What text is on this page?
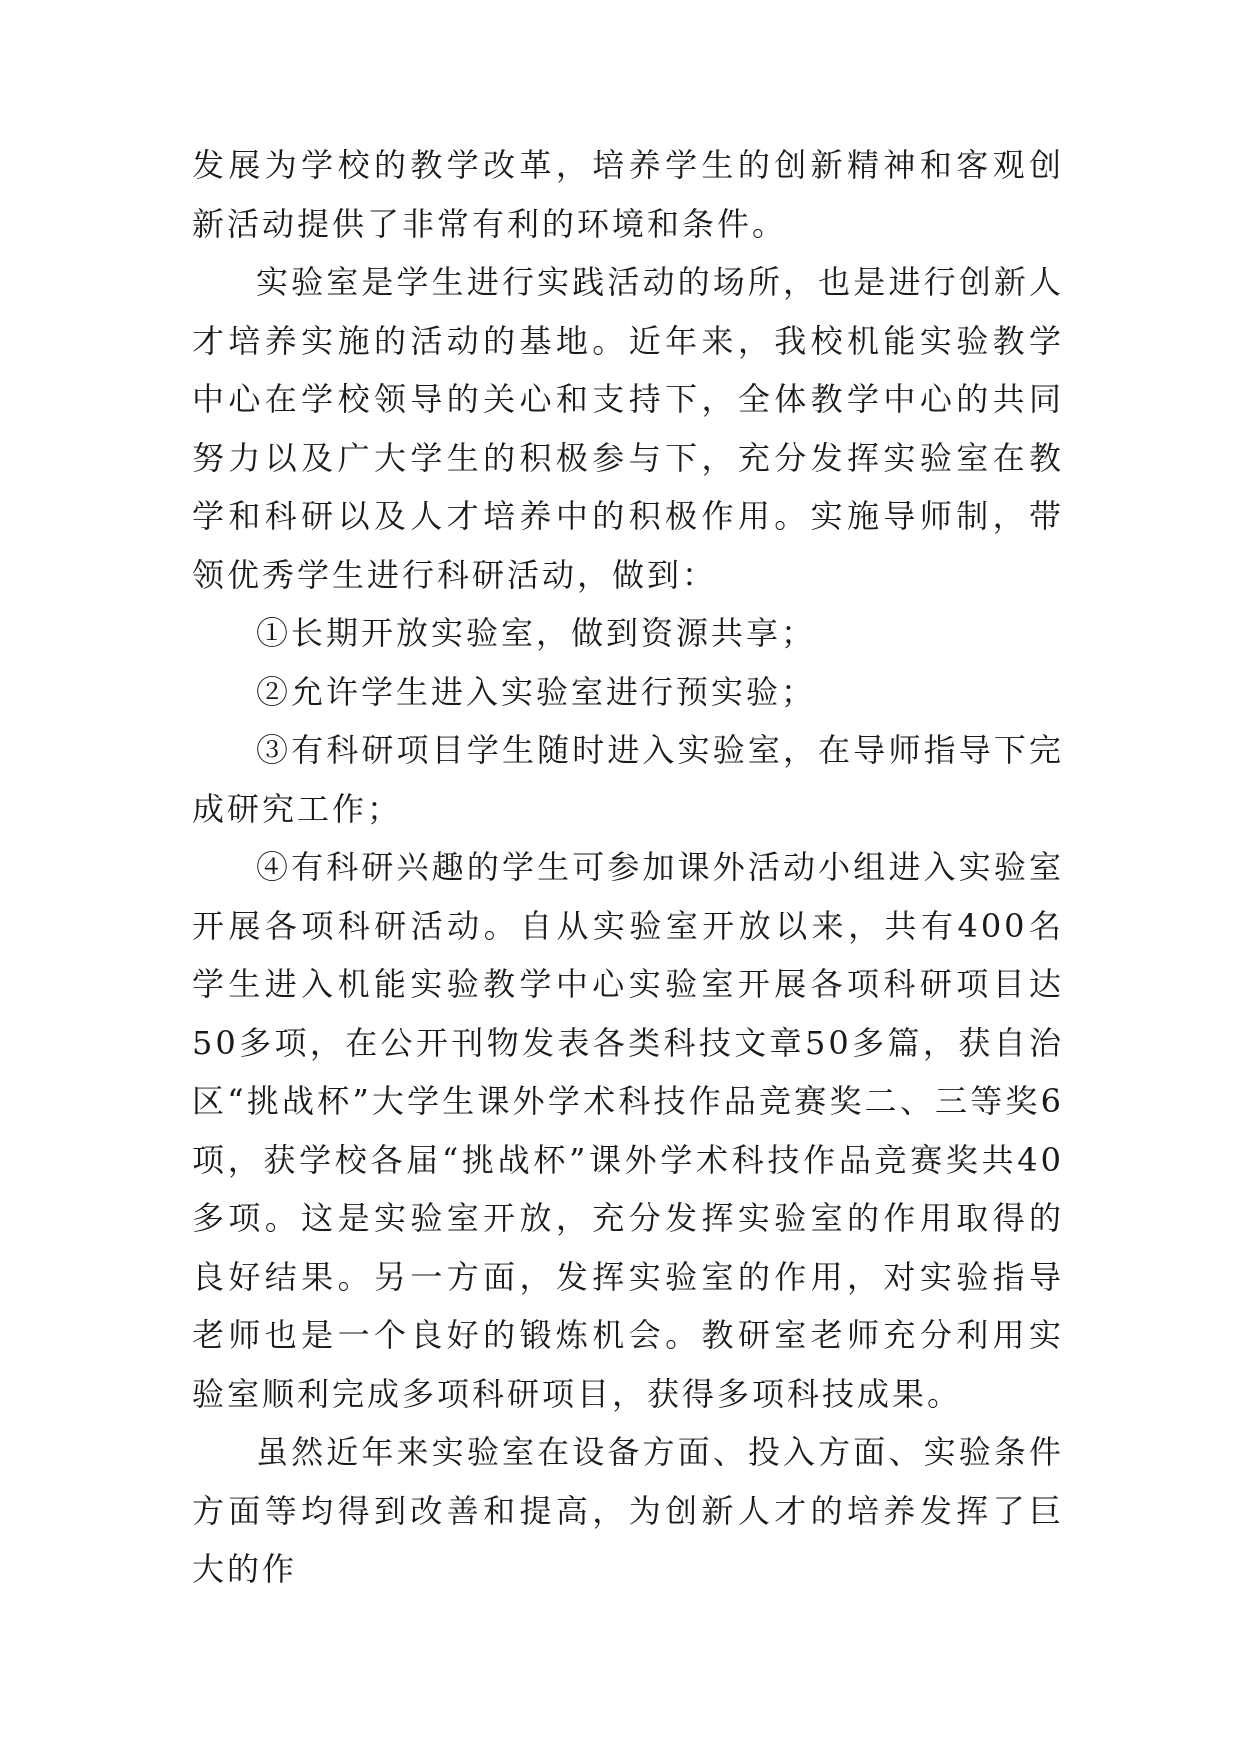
发展为学校的教学改革，培养学生的创新精神和客观创新活动提供了非常有利的环境和条件。

实验室是学生进行实践活动的场所，也是进行创新人才培养实施的活动的基地。近年来，我校机能实验教学中心在学校领导的关心和支持下，全体教学中心的共同努力以及广大学生的积极参与下，充分发挥实验室在教学和科研以及人才培养中的积极作用。实施导师制，带领优秀学生进行科研活动，做到：

①长期开放实验室，做到资源共享；

②允许学生进入实验室进行预实验；

③有科研项目学生随时进入实验室，在导师指导下完成研究工作；

④有科研兴趣的学生可参加课外活动小组进入实验室开展各项科研活动。自从实验室开放以来，共有400名学生进入机能实验教学中心实验室开展各项科研项目达50多项，在公开刊物发表各类科技文章50多篇，获自治区“挑战杯”大学生课外学术科技作品竞赛奖二、三等奖6项，获学校各届“挑战杯”课外学术科技作品竞赛奖共40多项。这是实验室开放，充分发挥实验室的作用取得的良好结果。另一方面，发挥实验室的作用，对实验指导老师也是一个良好的锻炼机会。教研室老师充分利用实验室顺利完成多项科研项目，获得多项科技成果。

虽然近年来实验室在设备方面、投入方面、实验条件方面等均得到改善和提高，为创新人才的培养发挥了巨大的作
